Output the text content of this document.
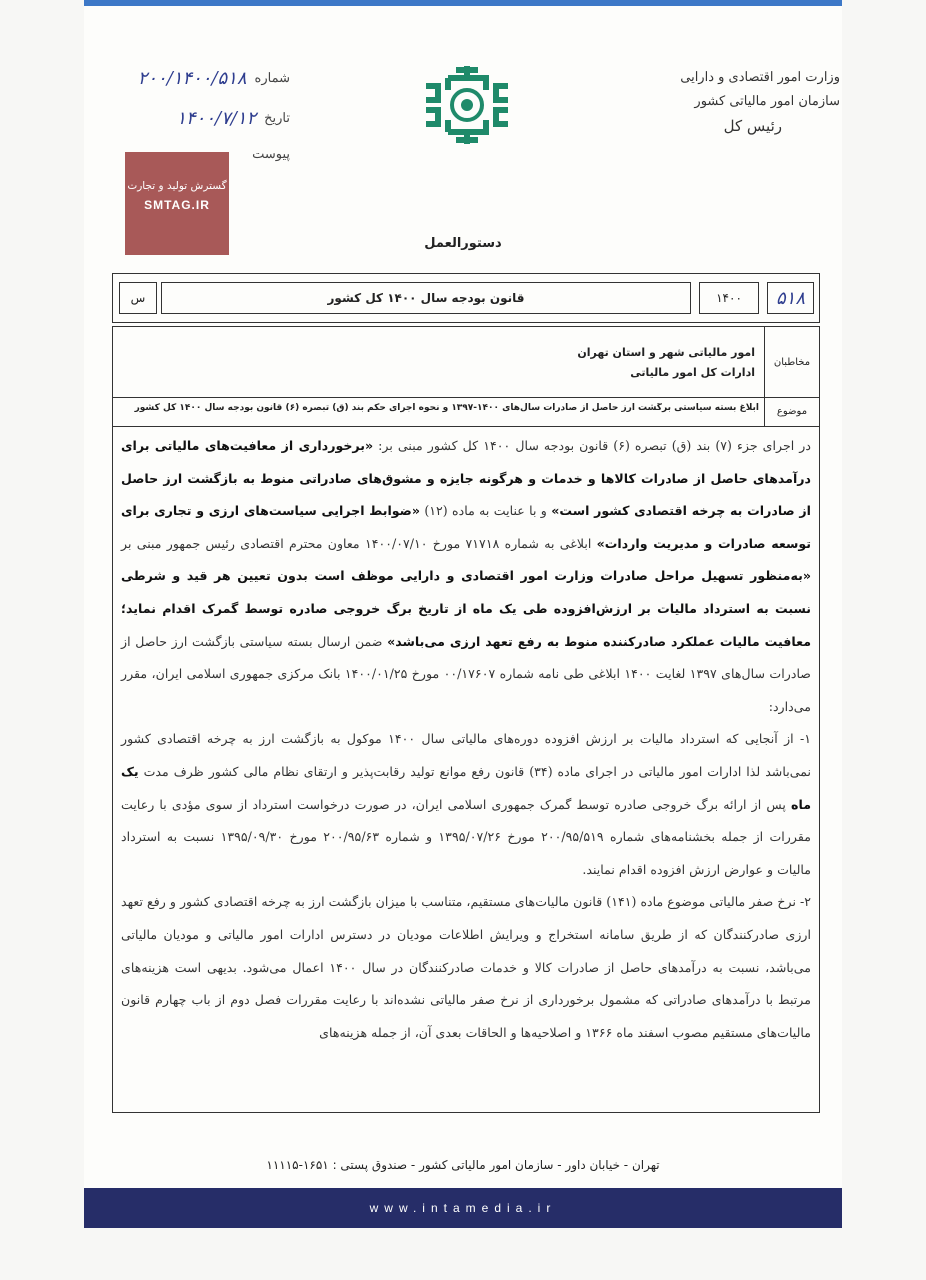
شماره
۲۰۰/۱۴۰۰/۵۱۸
تاریخ
۱۴۰۰/۷/۱۲
پیوست
گسترش تولید و تجارت
SMTAG.IR
وزارت امور اقتصادی و دارایی
سازمان امور مالیاتی کشور
رئیس کل
دستورالعمل
۵۱۸
۱۴۰۰
قانون بودجه سال ۱۴۰۰ کل کشور
س
مخاطبان
امور مالیاتی شهر و استان تهران
ادارات کل امور مالیاتی
موضوع
ابلاغ بسته سیاستی برگشت ارز حاصل از صادرات سال‌های ۱۴۰۰-۱۳۹۷ و نحوه اجرای حکم بند (ق) تبصره (۶) قانون بودجه سال ۱۴۰۰ کل کشور

در اجرای جزء (۷) بند (ق) تبصره (۶) قانون بودجه سال ۱۴۰۰ کل کشور مبنی بر: «برخورداری از معافیت‌های مالیاتی برای درآمدهای حاصل از صادرات کالاها و خدمات و هرگونه جایزه و مشوق‌های صادراتی منوط به بازگشت ارز حاصل از صادرات به چرخه اقتصادی کشور است» و با عنایت به ماده (۱۲) «ضوابط اجرایی سیاست‌های ارزی و تجاری برای توسعه صادرات و مدیریت واردات» ابلاغی به شماره ۷۱۷۱۸ مورخ ۱۴۰۰/۰۷/۱۰ معاون محترم اقتصادی رئیس جمهور مبنی بر «به‌منظور تسهیل مراحل صادرات وزارت امور اقتصادی و دارایی موظف است بدون تعیین هر قید و شرطی نسبت به استرداد مالیات بر ارزش‌افزوده طی یک ماه از تاریخ برگ خروجی صادره توسط گمرک اقدام نماید؛ معافیت مالیات عملکرد صادرکننده منوط به رفع تعهد ارزی می‌باشد» ضمن ارسال بسته سیاستی بازگشت ارز حاصل از صادرات سال‌های ۱۳۹۷ لغایت ۱۴۰۰ ابلاغی طی نامه شماره ۰۰/۱۷۶۰۷ مورخ ۱۴۰۰/۰۱/۲۵ بانک مرکزی جمهوری اسلامی ایران، مقرر می‌دارد:

۱- از آنجایی که استرداد مالیات بر ارزش افزوده دوره‌های مالیاتی سال ۱۴۰۰ موکول به بازگشت ارز به چرخه اقتصادی کشور نمی‌باشد لذا ادارات امور مالیاتی در اجرای ماده (۳۴) قانون رفع موانع تولید رقابت‌پذیر و ارتقای نظام مالی کشور ظرف مدت یک ماه پس از ارائه برگ خروجی صادره توسط گمرک جمهوری اسلامی ایران، در صورت درخواست استرداد از سوی مؤدی با رعایت مقررات از جمله بخشنامه‌های شماره ۲۰۰/۹۵/۵۱۹ مورخ ۱۳۹۵/۰۷/۲۶ و شماره ۲۰۰/۹۵/۶۳ مورخ ۱۳۹۵/۰۹/۳۰ نسبت به استرداد مالیات و عوارض ارزش افزوده اقدام نمایند.

۲- نرخ صفر مالیاتی موضوع ماده (۱۴۱) قانون مالیات‌های مستقیم، متناسب با میزان بازگشت ارز به چرخه اقتصادی کشور و رفع تعهد ارزی صادرکنندگان که از طریق سامانه استخراج و ویرایش اطلاعات مودیان در دسترس ادارات امور مالیاتی و مودیان مالیاتی می‌باشد، نسبت به درآمدهای حاصل از صادرات کالا و خدمات صادرکنندگان در سال ۱۴۰۰ اعمال می‌شود. بدیهی است هزینه‌های مرتبط با درآمدهای صادراتی که مشمول برخورداری از نرخ صفر مالیاتی نشده‌اند با رعایت مقررات فصل دوم از باب چهارم قانون مالیات‌های مستقیم مصوب اسفند ماه ۱۳۶۶ و اصلاحیه‌ها و الحاقات بعدی آن، از جمله هزینه‌های

تهران - خیابان داور - سازمان امور مالیاتی کشور - صندوق پستی : ۱۶۵۱-۱۱۱۱۵
www.intamedia.ir
